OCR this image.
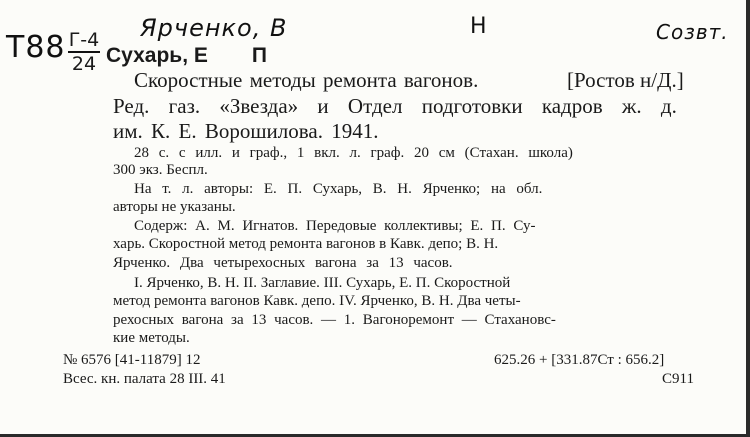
Т88 Г-4
24
Ярченко, В	Н	Созвт.
Сухарь, Е П
Скоростные методы ремонта вагонов.	[Ростов н/Д.]
Ред. газ. «Звезда» и Отдел подготовки кадров ж. д.
им. К. Е. Ворошилова. 1941.
28 с. с илл. и граф., 1 вкл. л. граф. 20 см (Стахан. школа)
300 экз. Беспл.
На т. л. авторы: Е. П. Сухарь, В. Н. Ярченко; на обл.
авторы не указаны.
Содерж: А. М. Игнатов. Передовые коллективы; Е. П. Су-
харь. Скоростной метод ремонта вагонов в Кавк. депо; В. Н.
Ярченко. Два четырехосных вагона за 13 часов.
I. Ярченко, В. Н. II. Заглавие. III. Сухарь, Е. П. Скоростной
метод ремонта вагонов Кавк. депо. IV. Ярченко, В. Н. Два четы-
рехосных вагона за 13 часов. — 1. Вагоноремонт — Стахановс-
кие методы.
№ 6576 [41-11879] 12	625.26 + [331.87Ст : 656.2]
Всес. кн. палата 28 III. 41	С911
